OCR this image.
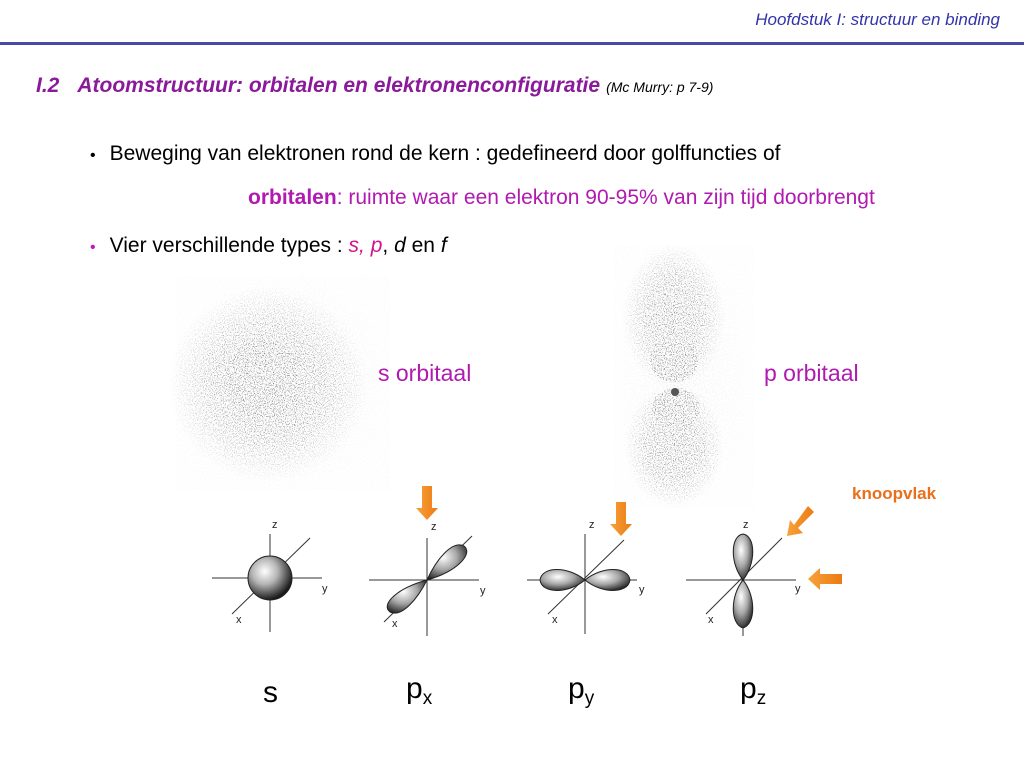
Hoofdstuk I: structuur en binding
I.2 Atoomstructuur: orbitalen en elektronenconfiguratie (Mc Murry: p 7-9)
• Beweging van elektronen rond de kern : gedefineerd door golffuncties of
orbitalen: ruimte waar een elektron 90-95% van zijn tijd doorbrengt
• Vier verschillende types : s, p, d en f
s orbitaal	p orbitaal
knoopvlak
z
y
x
z
y
x
z
y
x
z
y
x
s	$p_x$	$p_y$	$p_z$
